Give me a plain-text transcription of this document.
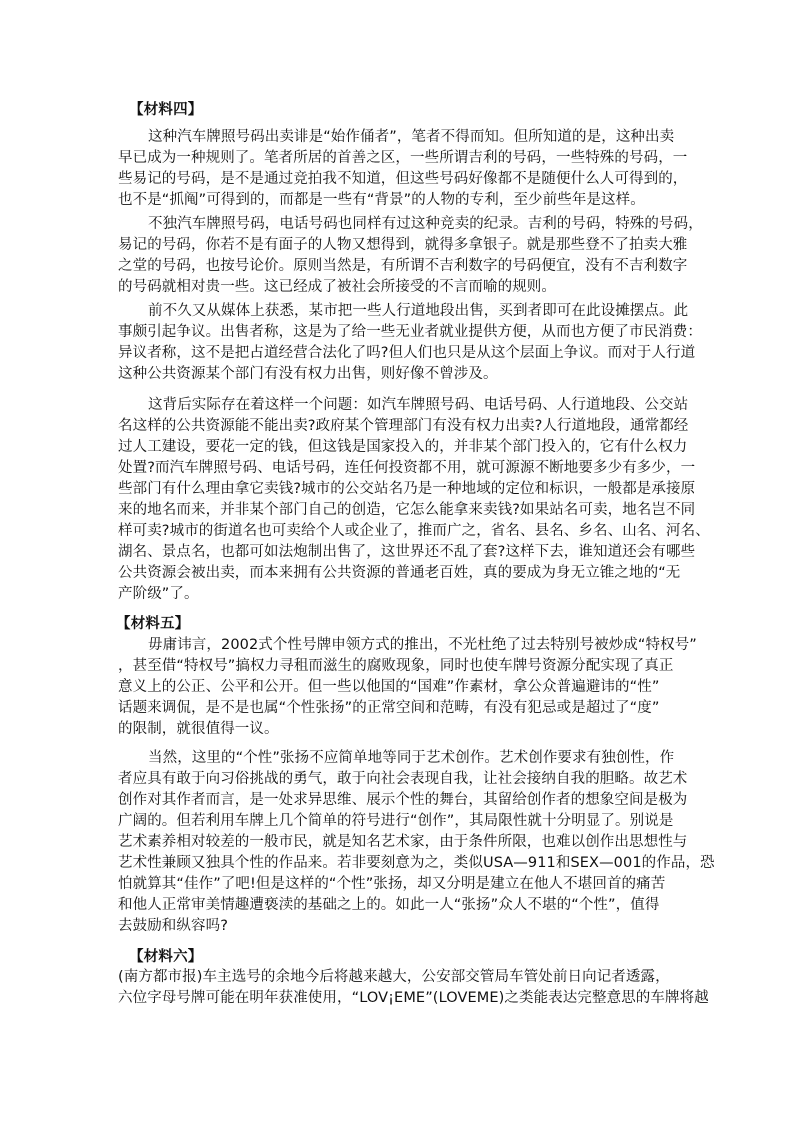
【材料四】
这种汽车牌照号码出卖诽是“始作俑者”，笔者不得而知。但所知道的是，这种出卖
早已成为一种规则了。笔者所居的首善之区，一些所谓吉利的号码，一些特殊的号码，一
些易记的号码，是不是通过竞拍我不知道，但这些号码好像都不是随便什么人可得到的，
也不是“抓阄”可得到的，而都是一些有“背景”的人物的专利，至少前些年是这样。
不独汽车牌照号码，电话号码也同样有过这种竞卖的纪录。吉利的号码，特殊的号码，
易记的号码，你若不是有面子的人物又想得到，就得多拿银子。就是那些登不了拍卖大雅
之堂的号码，也按号论价。原则当然是，有所谓不吉利数字的号码便宜，没有不吉利数字
的号码就相对贵一些。这已经成了被社会所接受的不言而喻的规则。
前不久又从媒体上获悉，某市把一些人行道地段出售，买到者即可在此设摊摆点。此
事颇引起争议。出售者称，这是为了给一些无业者就业提供方便，从而也方便了市民消费：
异议者称，这不是把占道经营合法化了吗?但人们也只是从这个层面上争议。而对于人行道
这种公共资源某个部门有没有权力出售，则好像不曾涉及。
这背后实际存在着这样一个问题：如汽车牌照号码、电话号码、人行道地段、公交站
名这样的公共资源能不能出卖?政府某个管理部门有没有权力出卖?人行道地段，通常都经
过人工建设，要花一定的钱，但这钱是国家投入的，并非某个部门投入的，它有什么权力
处置?而汽车牌照号码、电话号码，连任何投资都不用，就可源源不断地要多少有多少，一
些部门有什么理由拿它卖钱?城市的公交站名乃是一种地域的定位和标识，一般都是承接原
来的地名而来，并非某个部门自己的创造，它怎么能拿来卖钱?如果站名可卖，地名岂不同
样可卖?城市的街道名也可卖给个人或企业了，推而广之，省名、县名、乡名、山名、河名、
湖名、景点名，也都可如法炮制出售了，这世界还不乱了套?这样下去，谁知道还会有哪些
公共资源会被出卖，而本来拥有公共资源的普通老百姓，真的要成为身无立锥之地的“无
产阶级”了。
【材料五】
毋庸讳言，2002式个性号牌申领方式的推出，不光杜绝了过去特别号被炒成“特权号”
，甚至借“特权号”搞权力寻租而滋生的腐败现象，同时也使车牌号资源分配实现了真正
意义上的公正、公平和公开。但一些以他国的“国难”作素材，拿公众普遍避讳的“性”
话题来调侃，是不是也属“个性张扬”的正常空间和范畴，有没有犯忌或是超过了“度”
的限制，就很值得一议。
当然，这里的“个性”张扬不应简单地等同于艺术创作。艺术创作要求有独创性，作
者应具有敢于向习俗挑战的勇气，敢于向社会表现自我，让社会接纳自我的胆略。故艺术
创作对其作者而言，是一处求异思维、展示个性的舞台，其留给创作者的想象空间是极为
广阔的。但若利用车牌上几个简单的符号进行“创作”，其局限性就十分明显了。别说是
艺术素养相对较差的一般市民，就是知名艺术家，由于条件所限，也难以创作出思想性与
艺术性兼顾又独具个性的作品来。若非要刻意为之，类似USA—911和SEX—001的作品，恐
怕就算其“佳作”了吧!但是这样的“个性”张扬，却又分明是建立在他人不堪回首的痛苦
和他人正常审美情趣遭亵渎的基础之上的。如此一人“张扬”众人不堪的“个性”，值得
去鼓励和纵容吗?
【材料六】
(南方都市报)车主选号的余地今后将越来越大，公安部交管局车管处前日向记者透露，
六位字母号牌可能在明年获准使用，“LOV¡EME”(LOVEME)之类能表达完整意思的车牌将越
